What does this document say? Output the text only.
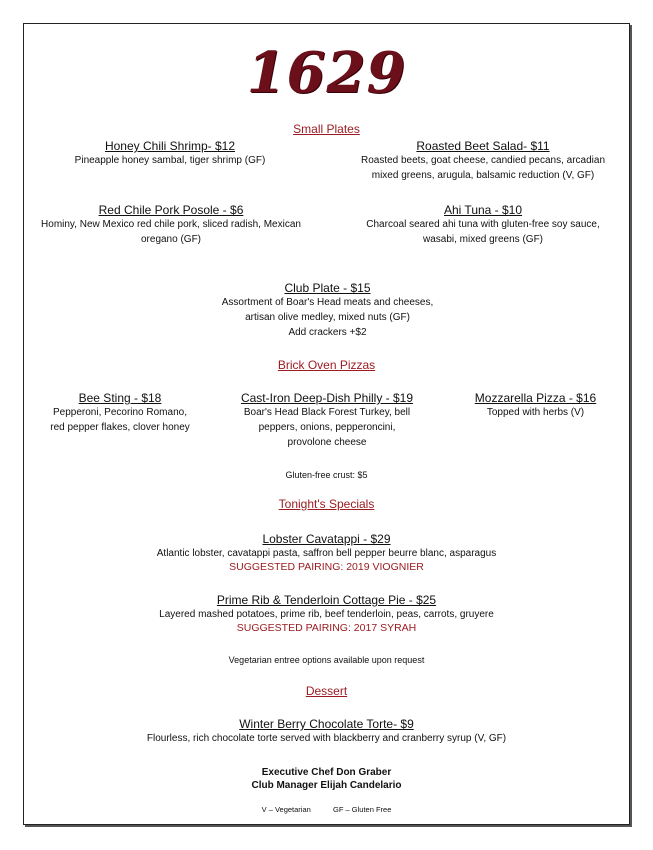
1629
Small Plates
Honey Chili Shrimp- $12
Pineapple honey sambal, tiger shrimp (GF)
Roasted Beet Salad- $11
Roasted beets, goat cheese, candied pecans, arcadian
mixed greens, arugula, balsamic reduction (V, GF)
Red Chile Pork Posole - $6
Hominy, New Mexico red chile pork, sliced radish, Mexican
oregano (GF)
Ahi Tuna - $10
Charcoal seared ahi tuna with gluten-free soy sauce,
wasabi, mixed greens (GF)
Club Plate - $15
Assortment of Boar's Head meats and cheeses,
artisan olive medley, mixed nuts (GF)
Add crackers +$2
Brick Oven Pizzas
Bee Sting - $18
Pepperoni, Pecorino Romano,
red pepper flakes, clover honey
Cast-Iron Deep-Dish Philly - $19
Boar's Head Black Forest Turkey, bell
peppers, onions, pepperoncini,
provolone cheese
Mozzarella Pizza - $16
Topped with herbs (V)
Gluten-free crust: $5
Tonight's Specials
Lobster Cavatappi - $29
Atlantic lobster, cavatappi pasta, saffron bell pepper beurre blanc, asparagus
SUGGESTED PAIRING: 2019 VIOGNIER
Prime Rib & Tenderloin Cottage Pie - $25
Layered mashed potatoes, prime rib, beef tenderloin, peas, carrots, gruyere
SUGGESTED PAIRING: 2017 SYRAH
Vegetarian entree options available upon request
Dessert
Winter Berry Chocolate Torte- $9
Flourless, rich chocolate torte served with blackberry and cranberry syrup (V, GF)
Executive Chef Don Graber
Club Manager Elijah Candelario
V – Vegetarian	GF – Gluten Free
